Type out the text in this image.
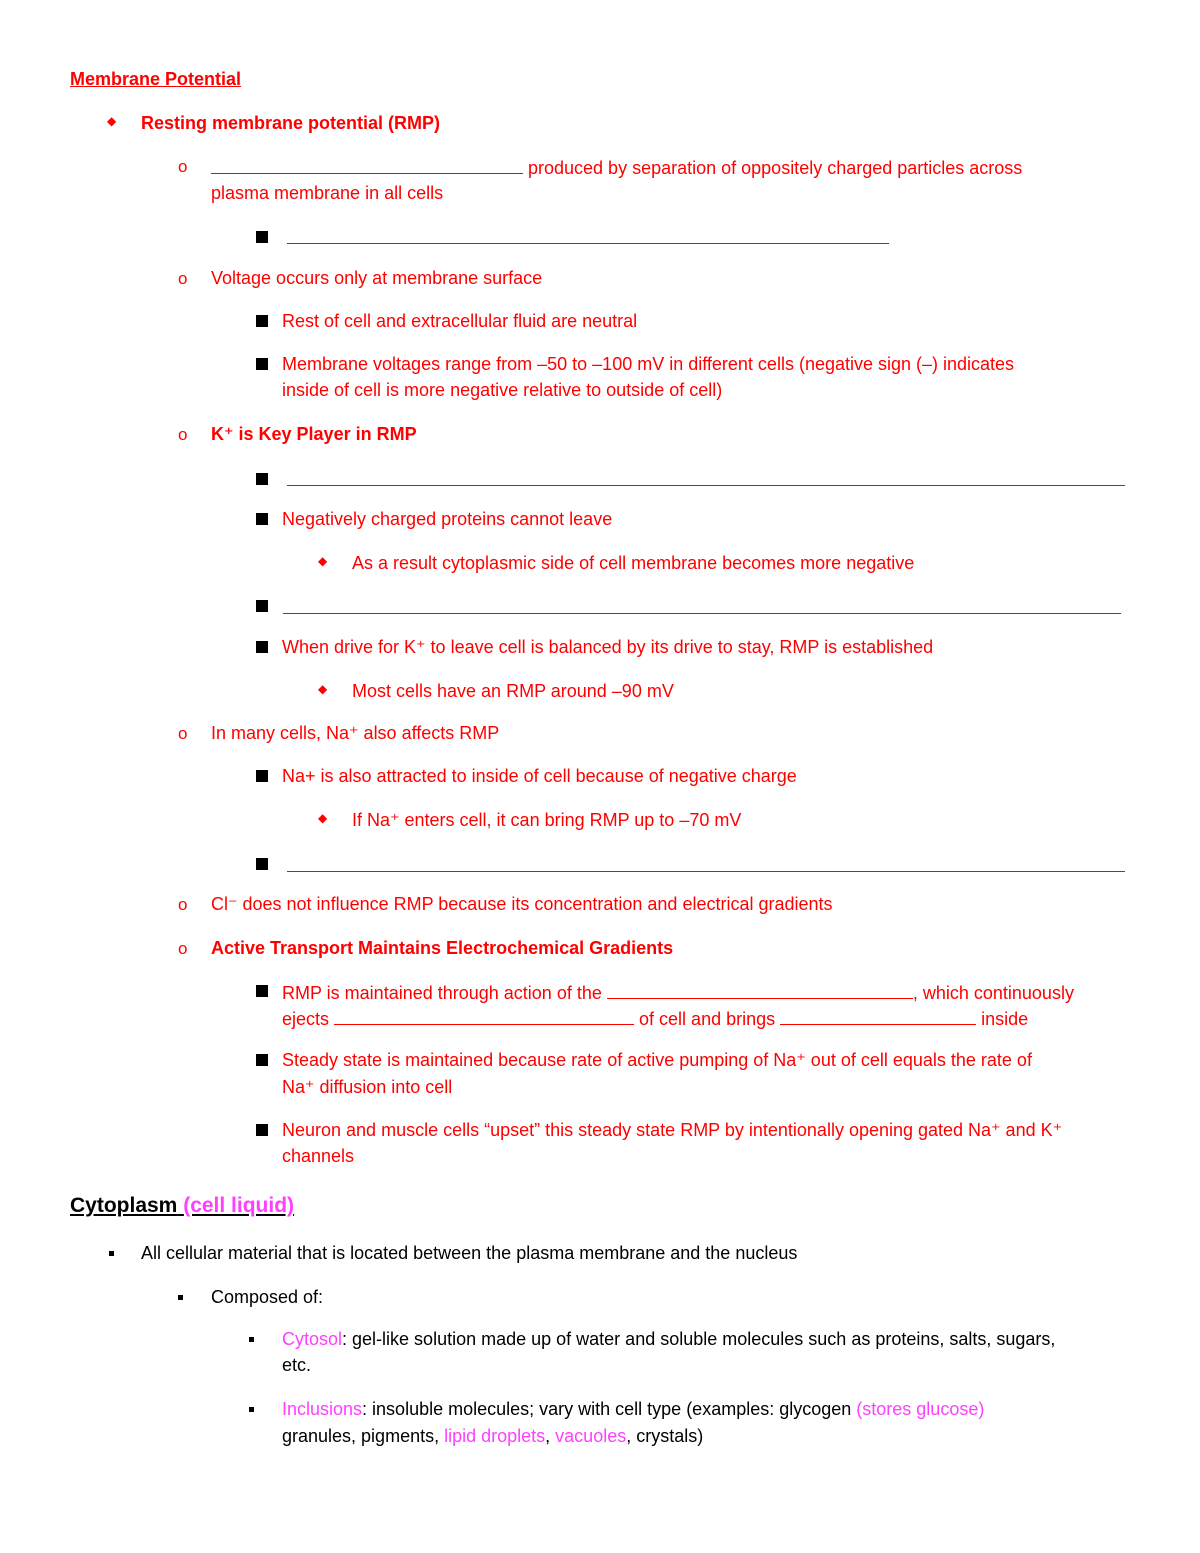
Membrane Potential
◆ Resting membrane potential (RMP)
o	produced by separation of oppositely charged particles across
plasma membrane in all cells
o Voltage occurs only at membrane surface
Rest of cell and extracellular fluid are neutral
Membrane voltages range from –50 to –100 mV in different cells (negative sign (–) indicates
inside of cell is more negative relative to outside of cell)
o K⁺ is Key Player in RMP
Negatively charged proteins cannot leave
◆ As a result cytoplasmic side of cell membrane becomes more negative
When drive for K⁺ to leave cell is balanced by its drive to stay, RMP is established
◆ Most cells have an RMP around –90 mV
o In many cells, Na⁺ also affects RMP
Na+ is also attracted to inside of cell because of negative charge
◆ If Na⁺ enters cell, it can bring RMP up to –70 mV
o Cl⁻ does not influence RMP because its concentration and electrical gradients
o Active Transport Maintains Electrochemical Gradients
RMP is maintained through action of the	, which continuously
ejects	of cell and brings	inside
Steady state is maintained because rate of active pumping of Na⁺ out of cell equals the rate of
Na⁺ diffusion into cell
Neuron and muscle cells “upset” this steady state RMP by intentionally opening gated Na⁺ and K⁺
channels
Cytoplasm (cell liquid)
All cellular material that is located between the plasma membrane and the nucleus
Composed of:
Cytosol: gel-like solution made up of water and soluble molecules such as proteins, salts, sugars,
etc.
Inclusions: insoluble molecules; vary with cell type (examples: glycogen (stores glucose)
granules, pigments, lipid droplets, vacuoles, crystals)
